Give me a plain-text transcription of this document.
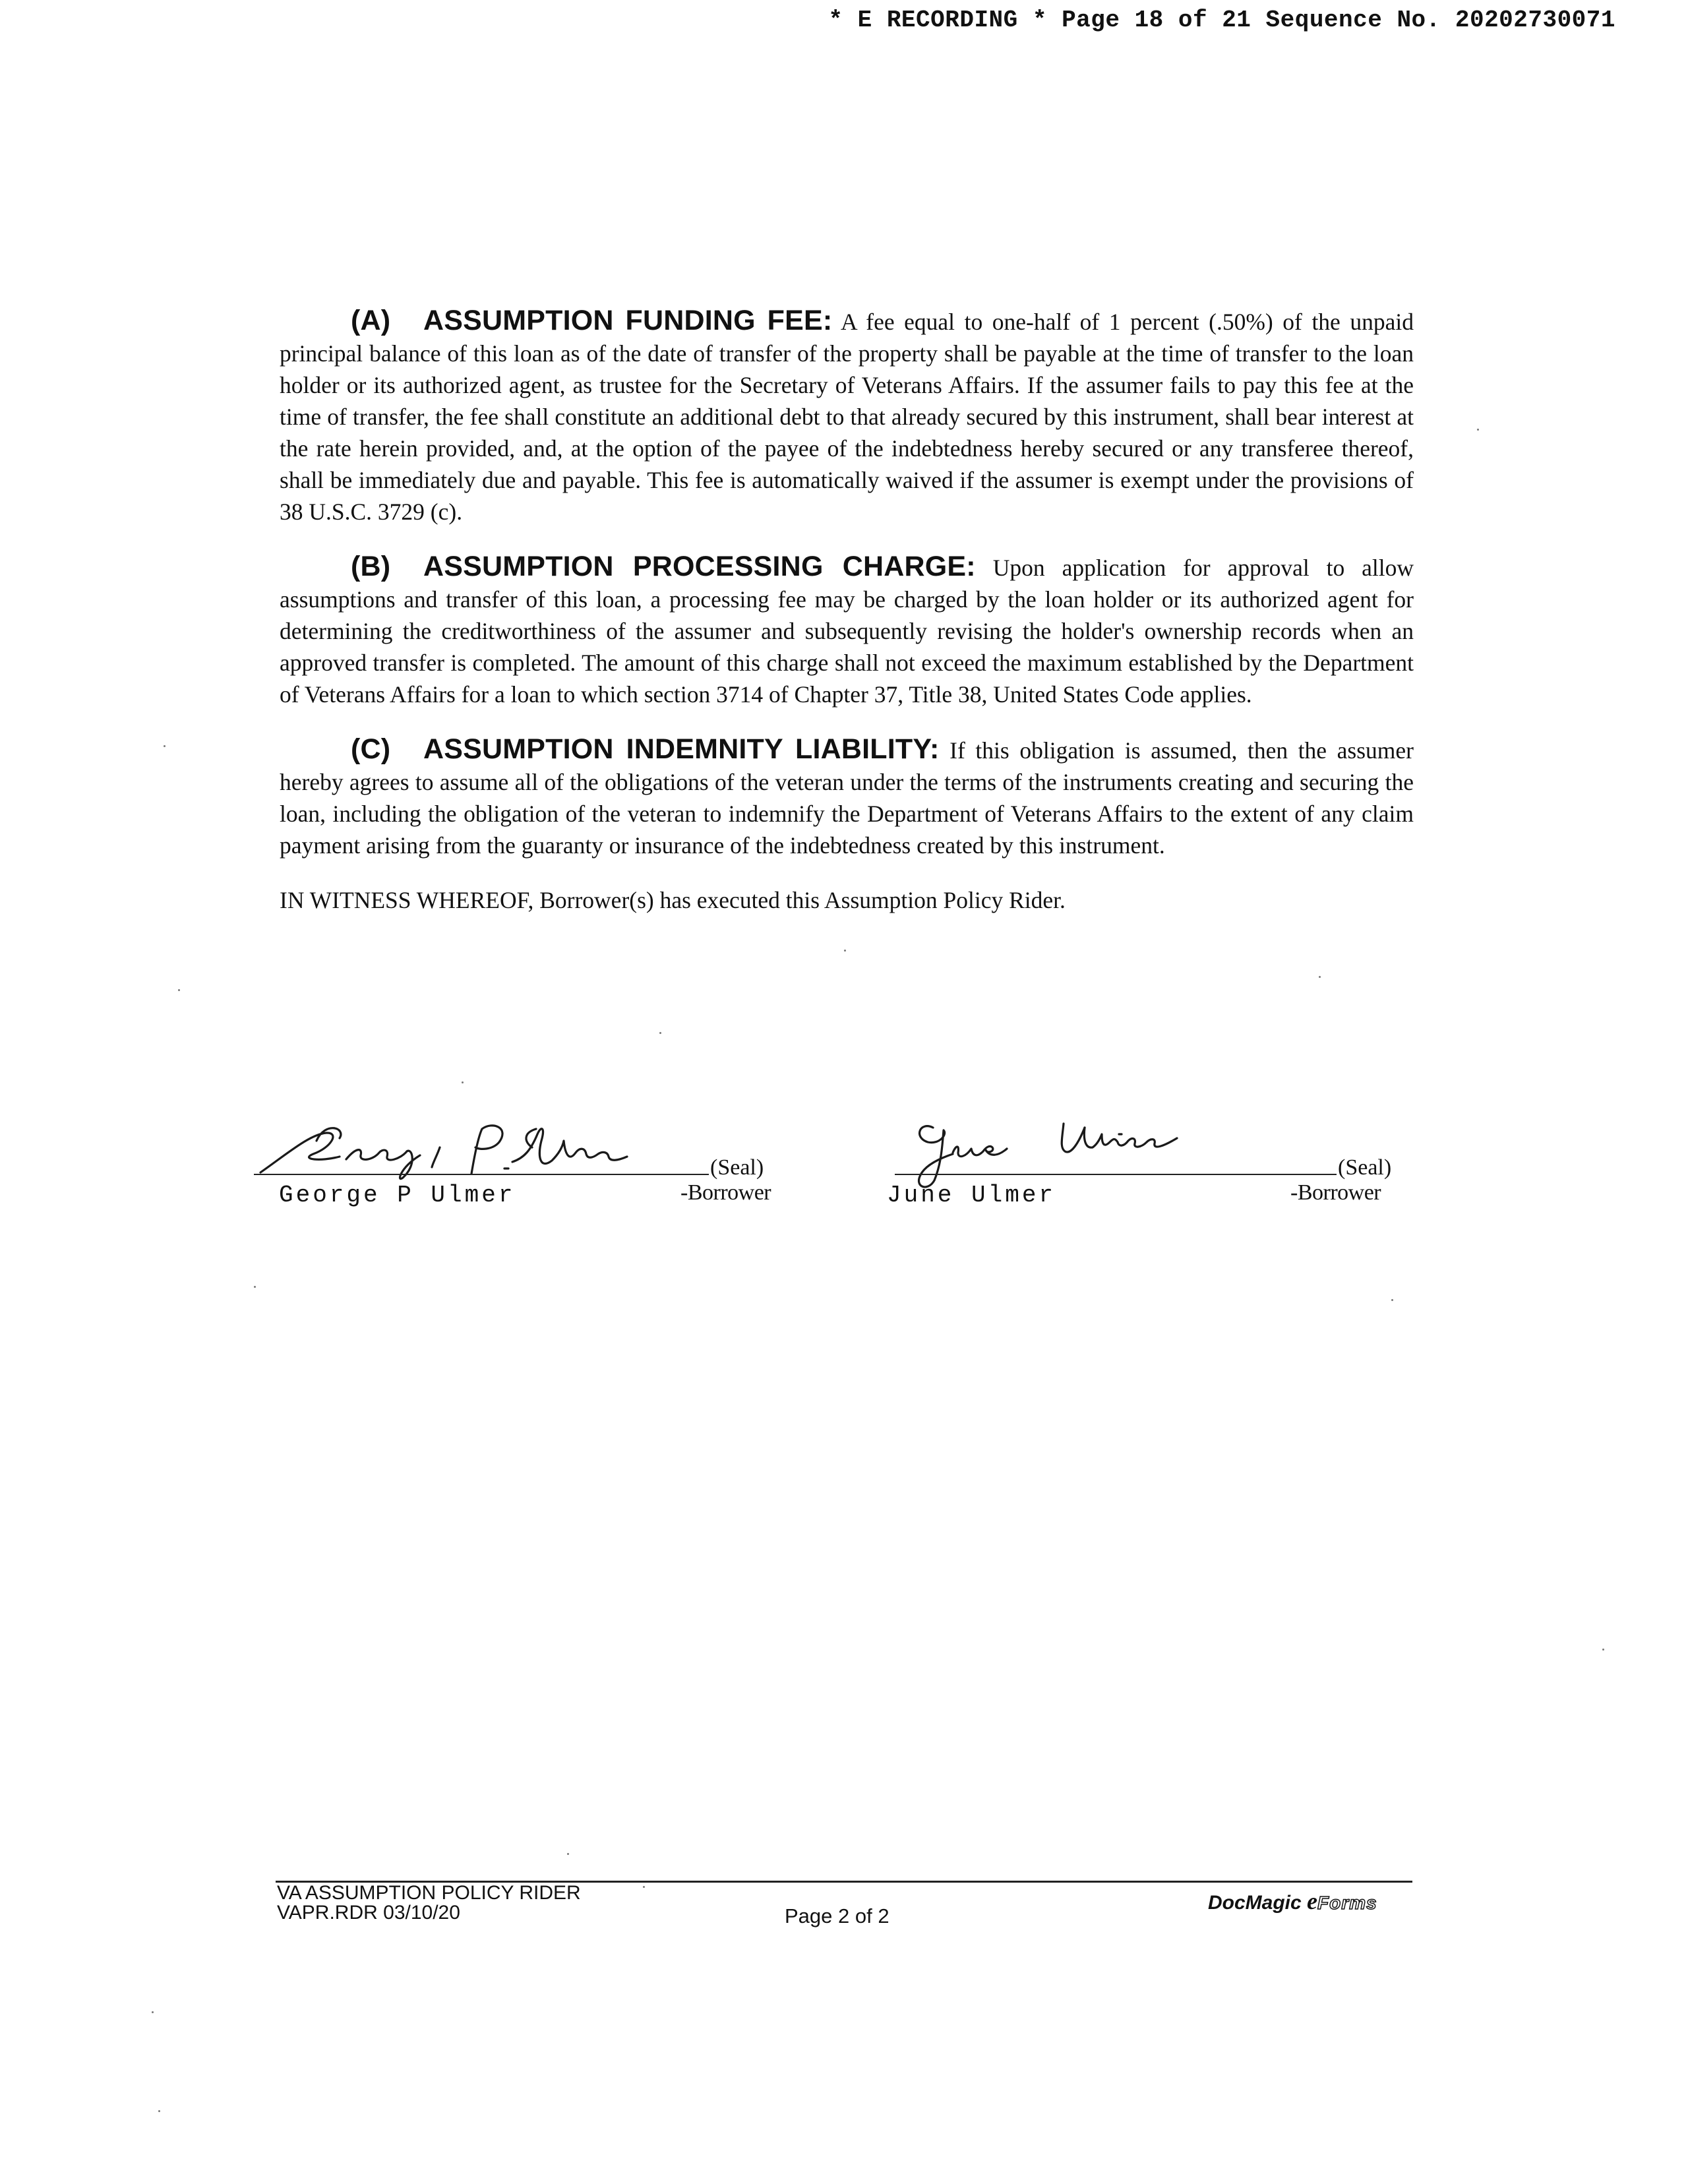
* E RECORDING * Page 18 of 21 Sequence No. 20202730071

(A) ASSUMPTION FUNDING FEE: A fee equal to one-half of 1 percent (.50%) of the unpaid principal balance of this loan as of the date of transfer of the property shall be payable at the time of transfer to the loan holder or its authorized agent, as trustee for the Secretary of Veterans Affairs. If the assumer fails to pay this fee at the time of transfer, the fee shall constitute an additional debt to that already secured by this instrument, shall bear interest at the rate herein provided, and, at the option of the payee of the indebtedness hereby secured or any transferee thereof, shall be immediately due and payable. This fee is automatically waived if the assumer is exempt under the provisions of 38 U.S.C. 3729 (c).

(B) ASSUMPTION PROCESSING CHARGE: Upon application for approval to allow assumptions and transfer of this loan, a processing fee may be charged by the loan holder or its authorized agent for determining the creditworthiness of the assumer and subsequently revising the holder's ownership records when an approved transfer is completed. The amount of this charge shall not exceed the maximum established by the Department of Veterans Affairs for a loan to which section 3714 of Chapter 37, Title 38, United States Code applies.

(C) ASSUMPTION INDEMNITY LIABILITY: If this obligation is assumed, then the assumer hereby agrees to assume all of the obligations of the veteran under the terms of the instruments creating and securing the loan, including the obligation of the veteran to indemnify the Department of Veterans Affairs to the extent of any claim payment arising from the guaranty or insurance of the indebtedness created by this instrument.

IN WITNESS WHEREOF, Borrower(s) has executed this Assumption Policy Rider.

George P. Ulmer
(Seal)
George P Ulmer	-Borrower
June Ulmer
(Seal)
June Ulmer	-Borrower
VA ASSUMPTION POLICY RIDER
VAPR.RDR 03/10/20	Page 2 of 2
DocMagic eForms
